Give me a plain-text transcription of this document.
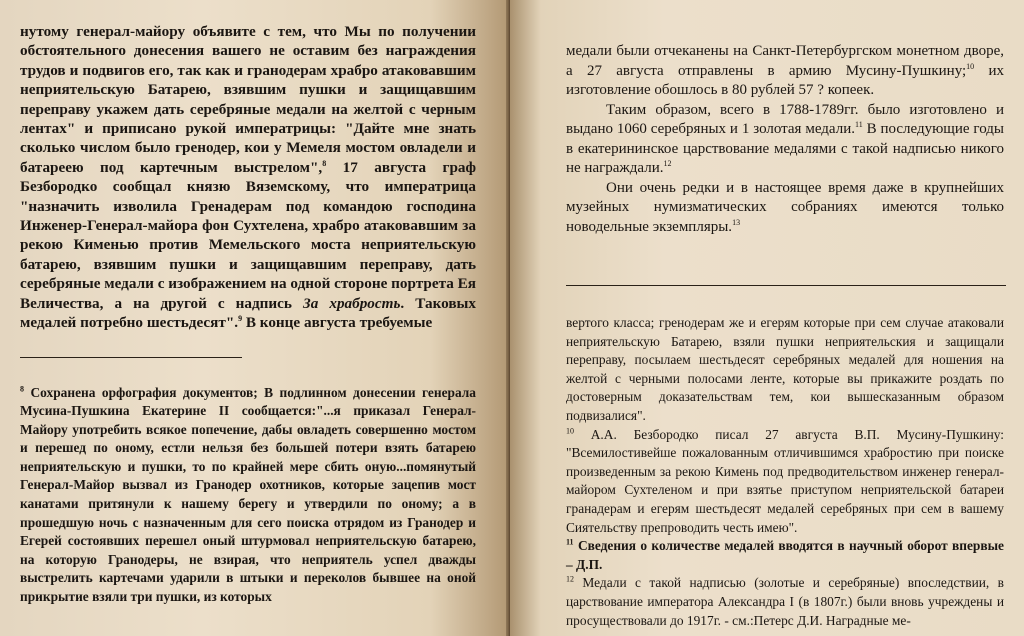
нутому генерал-майору объявите с тем, что Мы по получении обстоятельного донесения вашего не оставим без награждения трудов и подвигов его, так как и гранодерам храбро атаковавшим неприятельскую Батарею, взявшим пушки и защищавшим переправу укажем дать серебряные медали на желтой с черным лентах" и приписано рукой императрицы: "Дайте мне знать сколько числом было гренодер, кои у Мемеля мостом овладели и батареею под картечным выстрелом",$^8$ 17 августа граф Безбородко сообщал князю Вяземскому, что императрица "назначить изволила Гренадерам под командою господина Инженер-Генерал-майора фон Сухтелена, храбро атаковавшим за рекою Кименью против Мемельского моста неприятельскую батарею, взявшим пушки и защищавшим переправу, дать серебряные медали с изображением на одной стороне портрета Ея Величества, а на другой с надпись За храбрость. Таковых медалей потребно шестьдесят".$^9$ В конце августа требуемые

$^8$ Сохранена орфография документов; В подлинном донесении генерала Мусина-Пушкина Екатерине II сообщается:"...я приказал Генерал-Майору употребить всякое попечение, дабы овладеть совершенно мостом и перешед по оному, естли нельзя без большей потери взять батарею неприятельскую и пушки, то по крайней мере сбить оную...помянутый Генерал-Майор вызвал из Гранодер охотников, которые зацепив мост канатами притянули к нашему берегу и утвердили по оному; а в прошедшую ночь с назначенным для сего поиска отрядом из Гранодер и Егерей состоявших перешел оный штурмовал неприятельскую батарею, на которую Гранодеры, не взирая, что неприятель успел дважды выстрелить картечами ударили в штыки и переколов бывшее на оной прикрытие взяли три пушки, из которых

медали были отчеканены на Санкт-Петербургском монетном дворе, а 27 августа отправлены в армию Мусину-Пушкину;$^{10}$ их изготовление обошлось в 80 рублей 57 ? копеек.

Таким образом, всего в 1788-1789гг. было изготовлено и выдано 1060 серебряных и 1 золотая медали.$^{11}$ В последующие годы в екатерининское царствование медалями с такой надписью никого не награждали.$^{12}$

Они очень редки и в настоящее время даже в крупнейших музейных нумизматических собраниях имеются только новодельные экземпляры.$^{13}$

вертого класса; гренодерам же и егерям которые при сем случае атаковали неприятельскую Батарею, взяли пушки неприятельския и защищали переправу, посылаем шестьдесят серебряных медалей для ношения на желтой с черными полосами ленте, которые вы прикажите роздать по достоверным доказательствам тем, кои вышесказанным образом подвизалися".

$^{10}$ А.А. Безбородко писал 27 августа В.П. Мусину-Пушкину: "Всемилостивейше пожалованным отличившимся храбростию при поиске произведенным за рекою Кимень под предводительством инженер генерал-майором Сухтеленом и при взятье приступом неприятельской батареи гранадерам и егерям шестьдесят медалей серебряных при сем в вашему Сиятельству препроводить честь имею".

$^{11}$ Сведения о количестве медалей вводятся в научный оборот впервые – Д.П.

$^{12}$ Медали с такой надписью (золотые и серебряные) впоследствии, в царствование императора Александра I (в 1807г.) были вновь учреждены и просуществовали до 1917г. - см.:Петерс Д.И. Наградные ме-
